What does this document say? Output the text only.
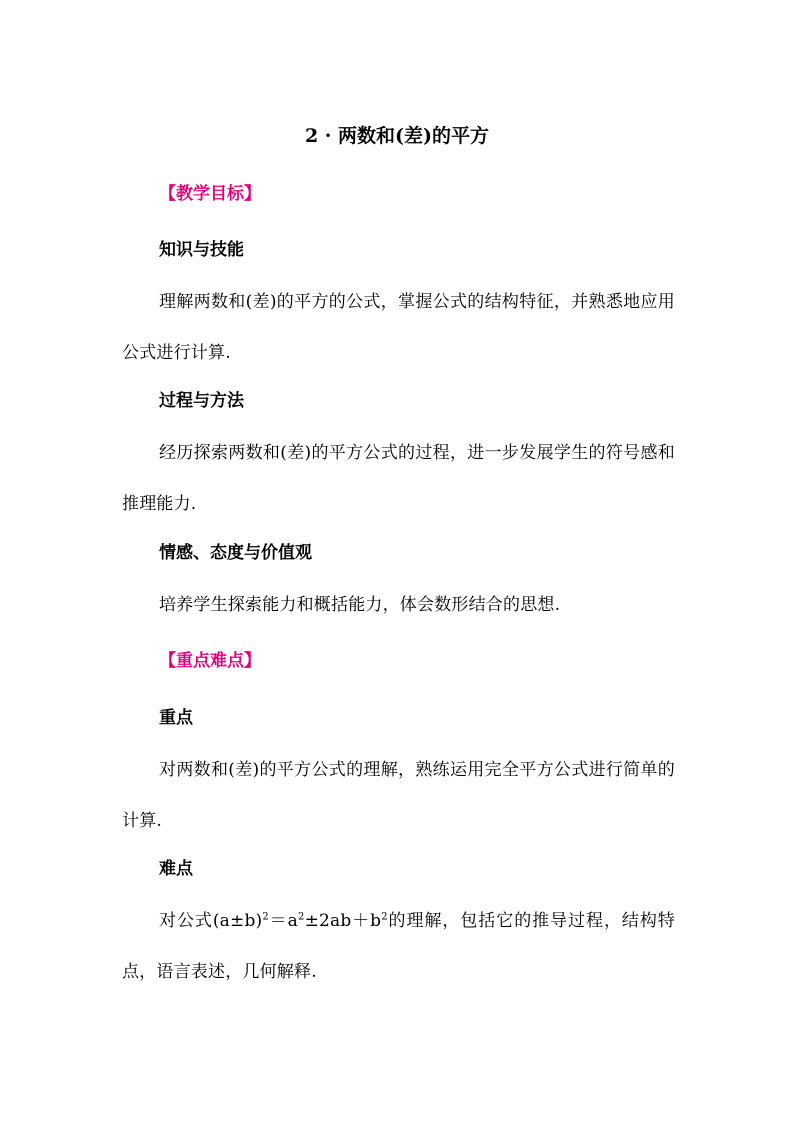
2 · 两数和(差)的平方
【教学目标】
知识与技能
理解两数和(差)的平方的公式，掌握公式的结构特征，并熟悉地应用公式进行计算.
过程与方法
经历探索两数和(差)的平方公式的过程，进一步发展学生的符号感和推理能力.
情感、态度与价值观
培养学生探索能力和概括能力，体会数形结合的思想.
【重点难点】
重点
对两数和(差)的平方公式的理解，熟练运用完全平方公式进行简单的计算.
难点
对公式$(a\pm b)^2=a^2\pm 2ab+b^2$的理解，包括它的推导过程，结构特点，语言表述，几何解释.
